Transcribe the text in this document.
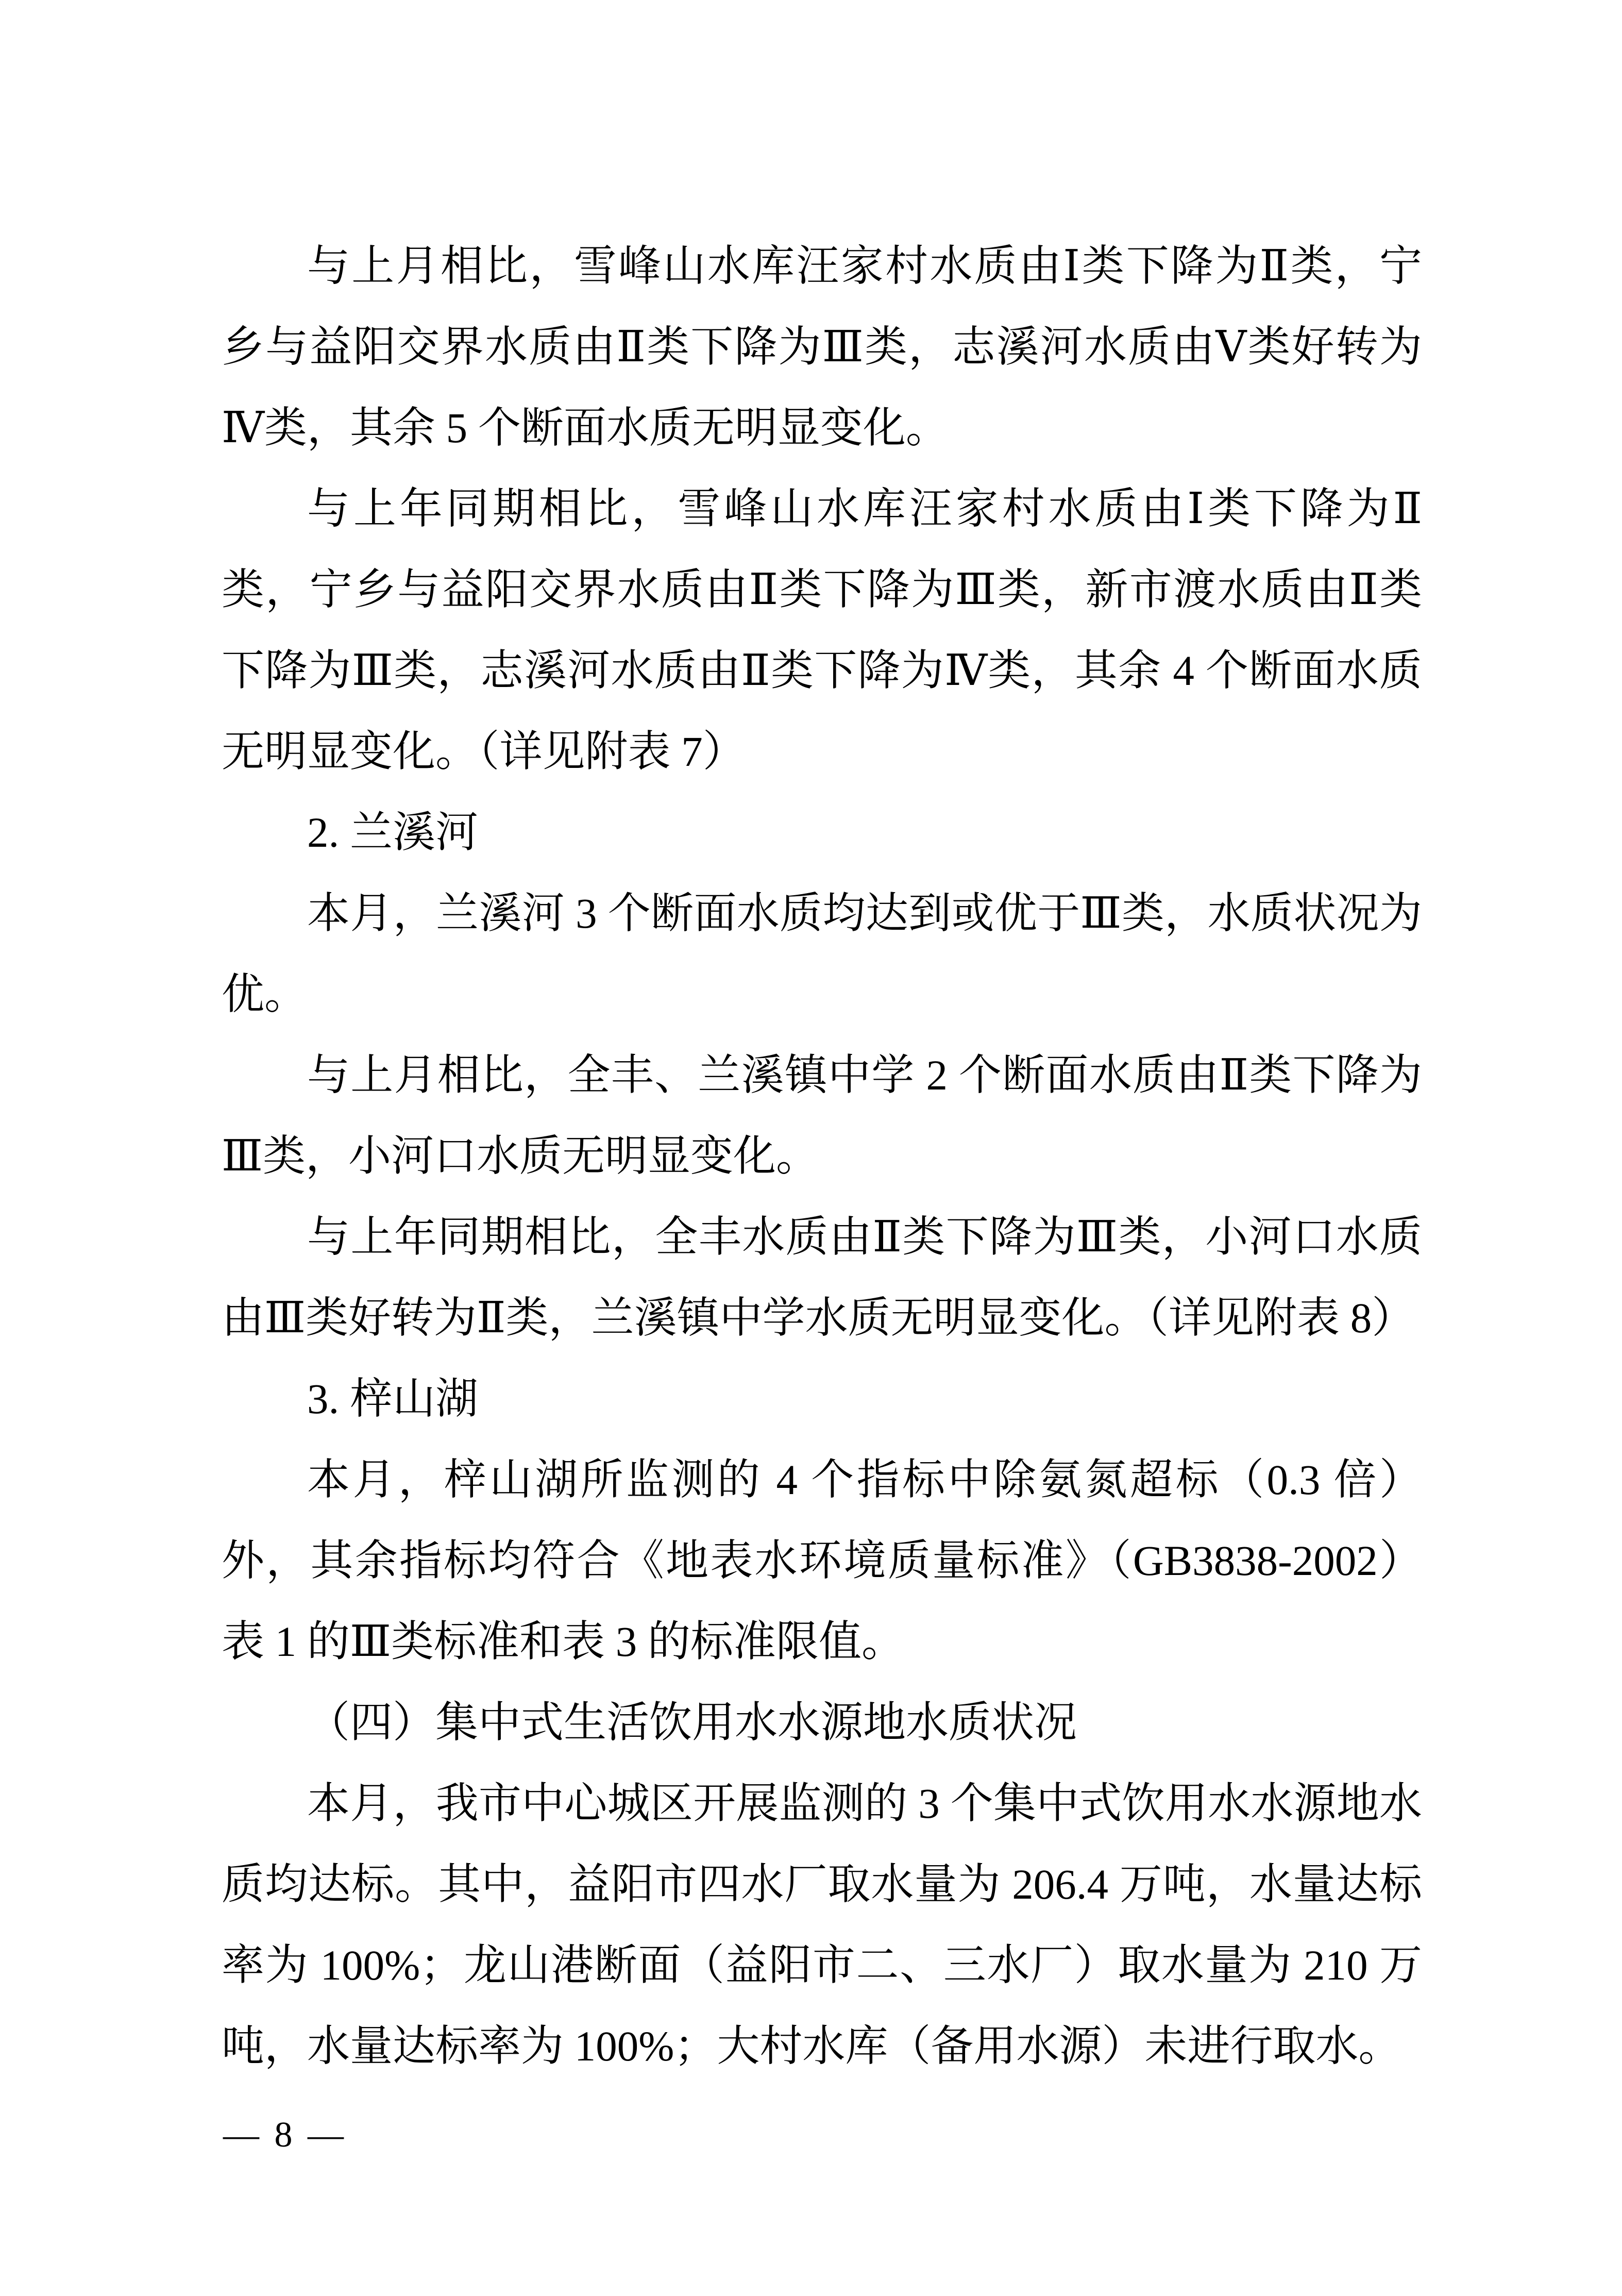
与上月相比，雪峰山水库汪家村水质由Ⅰ类下降为Ⅱ类，宁乡与益阳交界水质由Ⅱ类下降为Ⅲ类，志溪河水质由Ⅴ类好转为Ⅳ类，其余 5 个断面水质无明显变化。

与上年同期相比，雪峰山水库汪家村水质由Ⅰ类下降为Ⅱ类，宁乡与益阳交界水质由Ⅱ类下降为Ⅲ类，新市渡水质由Ⅱ类下降为Ⅲ类，志溪河水质由Ⅱ类下降为Ⅳ类，其余 4 个断面水质无明显变化。（详见附表 7）

2. 兰溪河

本月，兰溪河 3 个断面水质均达到或优于Ⅲ类，水质状况为优。

与上月相比，全丰、兰溪镇中学 2 个断面水质由Ⅱ类下降为Ⅲ类，小河口水质无明显变化。

与上年同期相比，全丰水质由Ⅱ类下降为Ⅲ类，小河口水质由Ⅲ类好转为Ⅱ类，兰溪镇中学水质无明显变化。（详见附表 8）

3. 梓山湖

本月，梓山湖所监测的 4 个指标中除氨氮超标（0.3 倍）外，其余指标均符合《地表水环境质量标准》（GB3838-2002）表 1 的Ⅲ类标准和表 3 的标准限值。

（四）集中式生活饮用水水源地水质状况

本月，我市中心城区开展监测的 3 个集中式饮用水水源地水质均达标。其中，益阳市四水厂取水量为 206.4 万吨，水量达标率为 100%；龙山港断面（益阳市二、三水厂）取水量为 210 万吨，水量达标率为 100%；大村水库（备用水源）未进行取水。

— 8 —
